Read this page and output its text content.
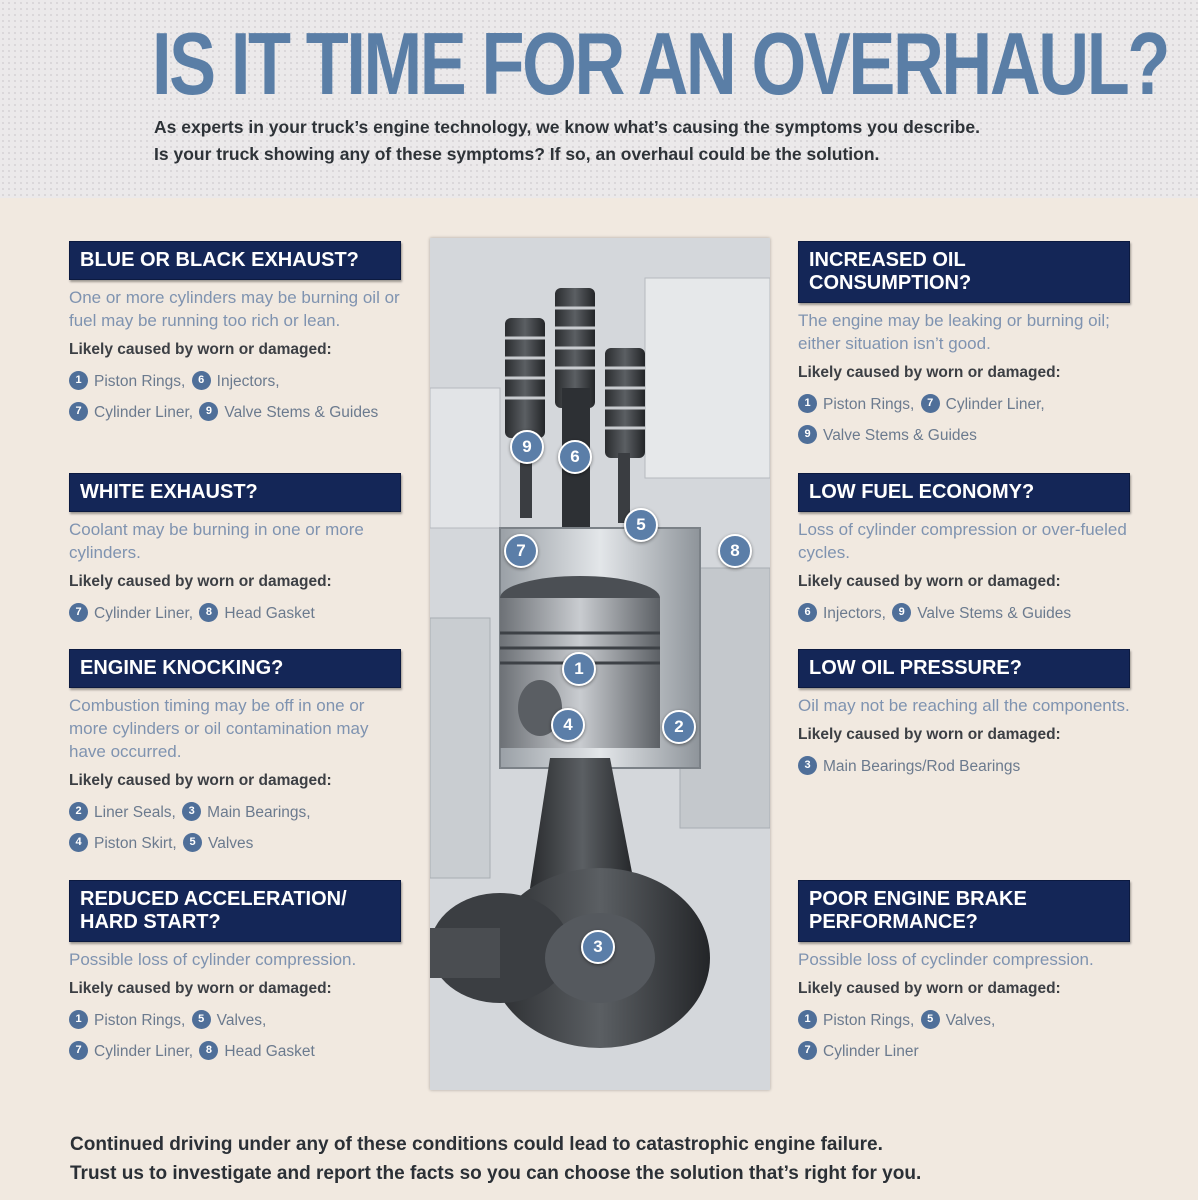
IS IT TIME FOR AN OVERHAUL?

As experts in your truck’s engine technology, we know what’s causing the symptoms you describe.
Is your truck showing any of these symptoms? If so, an overhaul could be the solution.

BLUE OR BLACK EXHAUST?
One or more cylinders may be burning oil or fuel may be running too rich or lean.
Likely caused by worn or damaged:
1 Piston Rings, 6 Injectors,
7 Cylinder Liner, 9 Valve Stems & Guides
WHITE EXHAUST?
Coolant may be burning in one or more cylinders.
Likely caused by worn or damaged:
7 Cylinder Liner, 8 Head Gasket
ENGINE KNOCKING?
Combustion timing may be off in one or more cylinders or oil contamination may have occurred.
Likely caused by worn or damaged:
2 Liner Seals, 3 Main Bearings,
4 Piston Skirt, 5 Valves
REDUCED ACCELERATION/ HARD START?
Possible loss of cylinder compression.
Likely caused by worn or damaged:
1 Piston Rings, 5 Valves,
7 Cylinder Liner, 8 Head Gasket
INCREASED OIL CONSUMPTION?
The engine may be leaking or burning oil; either situation isn’t good.
Likely caused by worn or damaged:
1 Piston Rings, 7 Cylinder Liner,
9 Valve Stems & Guides
LOW FUEL ECONOMY?
Loss of cylinder compression or over-fueled cycles.
Likely caused by worn or damaged:
6 Injectors, 9 Valve Stems & Guides
LOW OIL PRESSURE?
Oil may not be reaching all the components.
Likely caused by worn or damaged:
3 Main Bearings/Rod Bearings
POOR ENGINE BRAKE PERFORMANCE?
Possible loss of cyclinder compression.
Likely caused by worn or damaged:
1 Piston Rings, 5 Valves,
7 Cylinder Liner
9
6
5
7	8
1
4	2
3

Continued driving under any of these conditions could lead to catastrophic engine failure.
Trust us to investigate and report the facts so you can choose the solution that’s right for you.
